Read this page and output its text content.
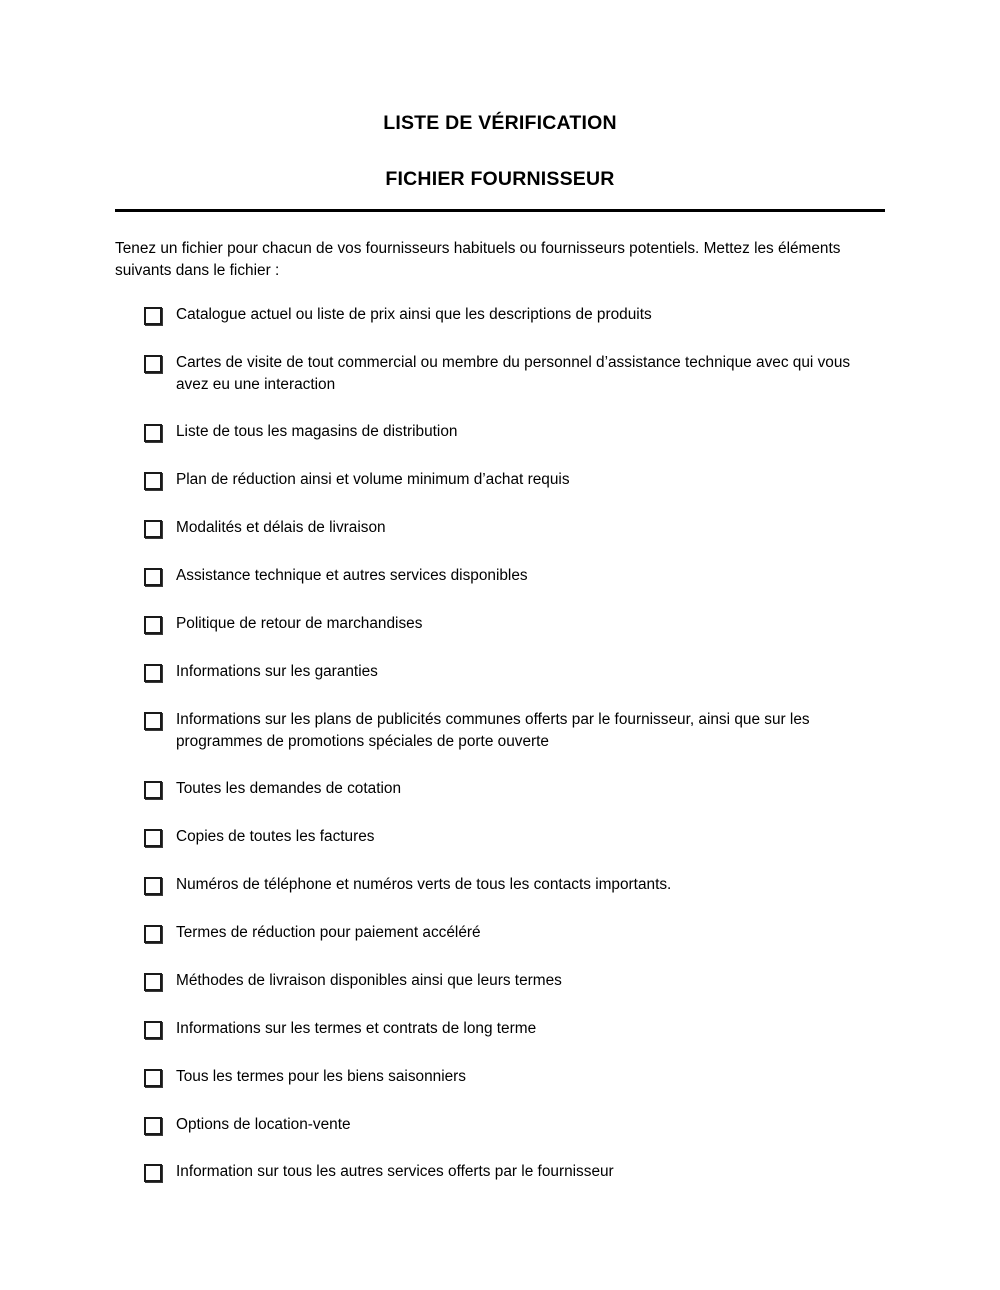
LISTE DE VÉRIFICATION
FICHIER FOURNISSEUR

Tenez un fichier pour chacun de vos fournisseurs habituels ou fournisseurs potentiels. Mettez les éléments suivants dans le fichier :

Catalogue actuel ou liste de prix ainsi que les descriptions de produits
Cartes de visite de tout commercial ou membre du personnel d’assistance technique avec qui vous avez eu une interaction
Liste de tous les magasins de distribution
Plan de réduction ainsi et volume minimum d’achat requis
Modalités et délais de livraison
Assistance technique et autres services disponibles
Politique de retour de marchandises
Informations sur les garanties
Informations sur les plans de publicités communes offerts par le fournisseur, ainsi que sur les programmes de promotions spéciales de porte ouverte
Toutes les demandes de cotation
Copies de toutes les factures
Numéros de téléphone et numéros verts de tous les contacts importants.
Termes de réduction pour paiement accéléré
Méthodes de livraison disponibles ainsi que leurs termes
Informations sur les termes et contrats de long terme
Tous les termes pour les biens saisonniers
Options de location-vente
Information sur tous les autres services offerts par le fournisseur
